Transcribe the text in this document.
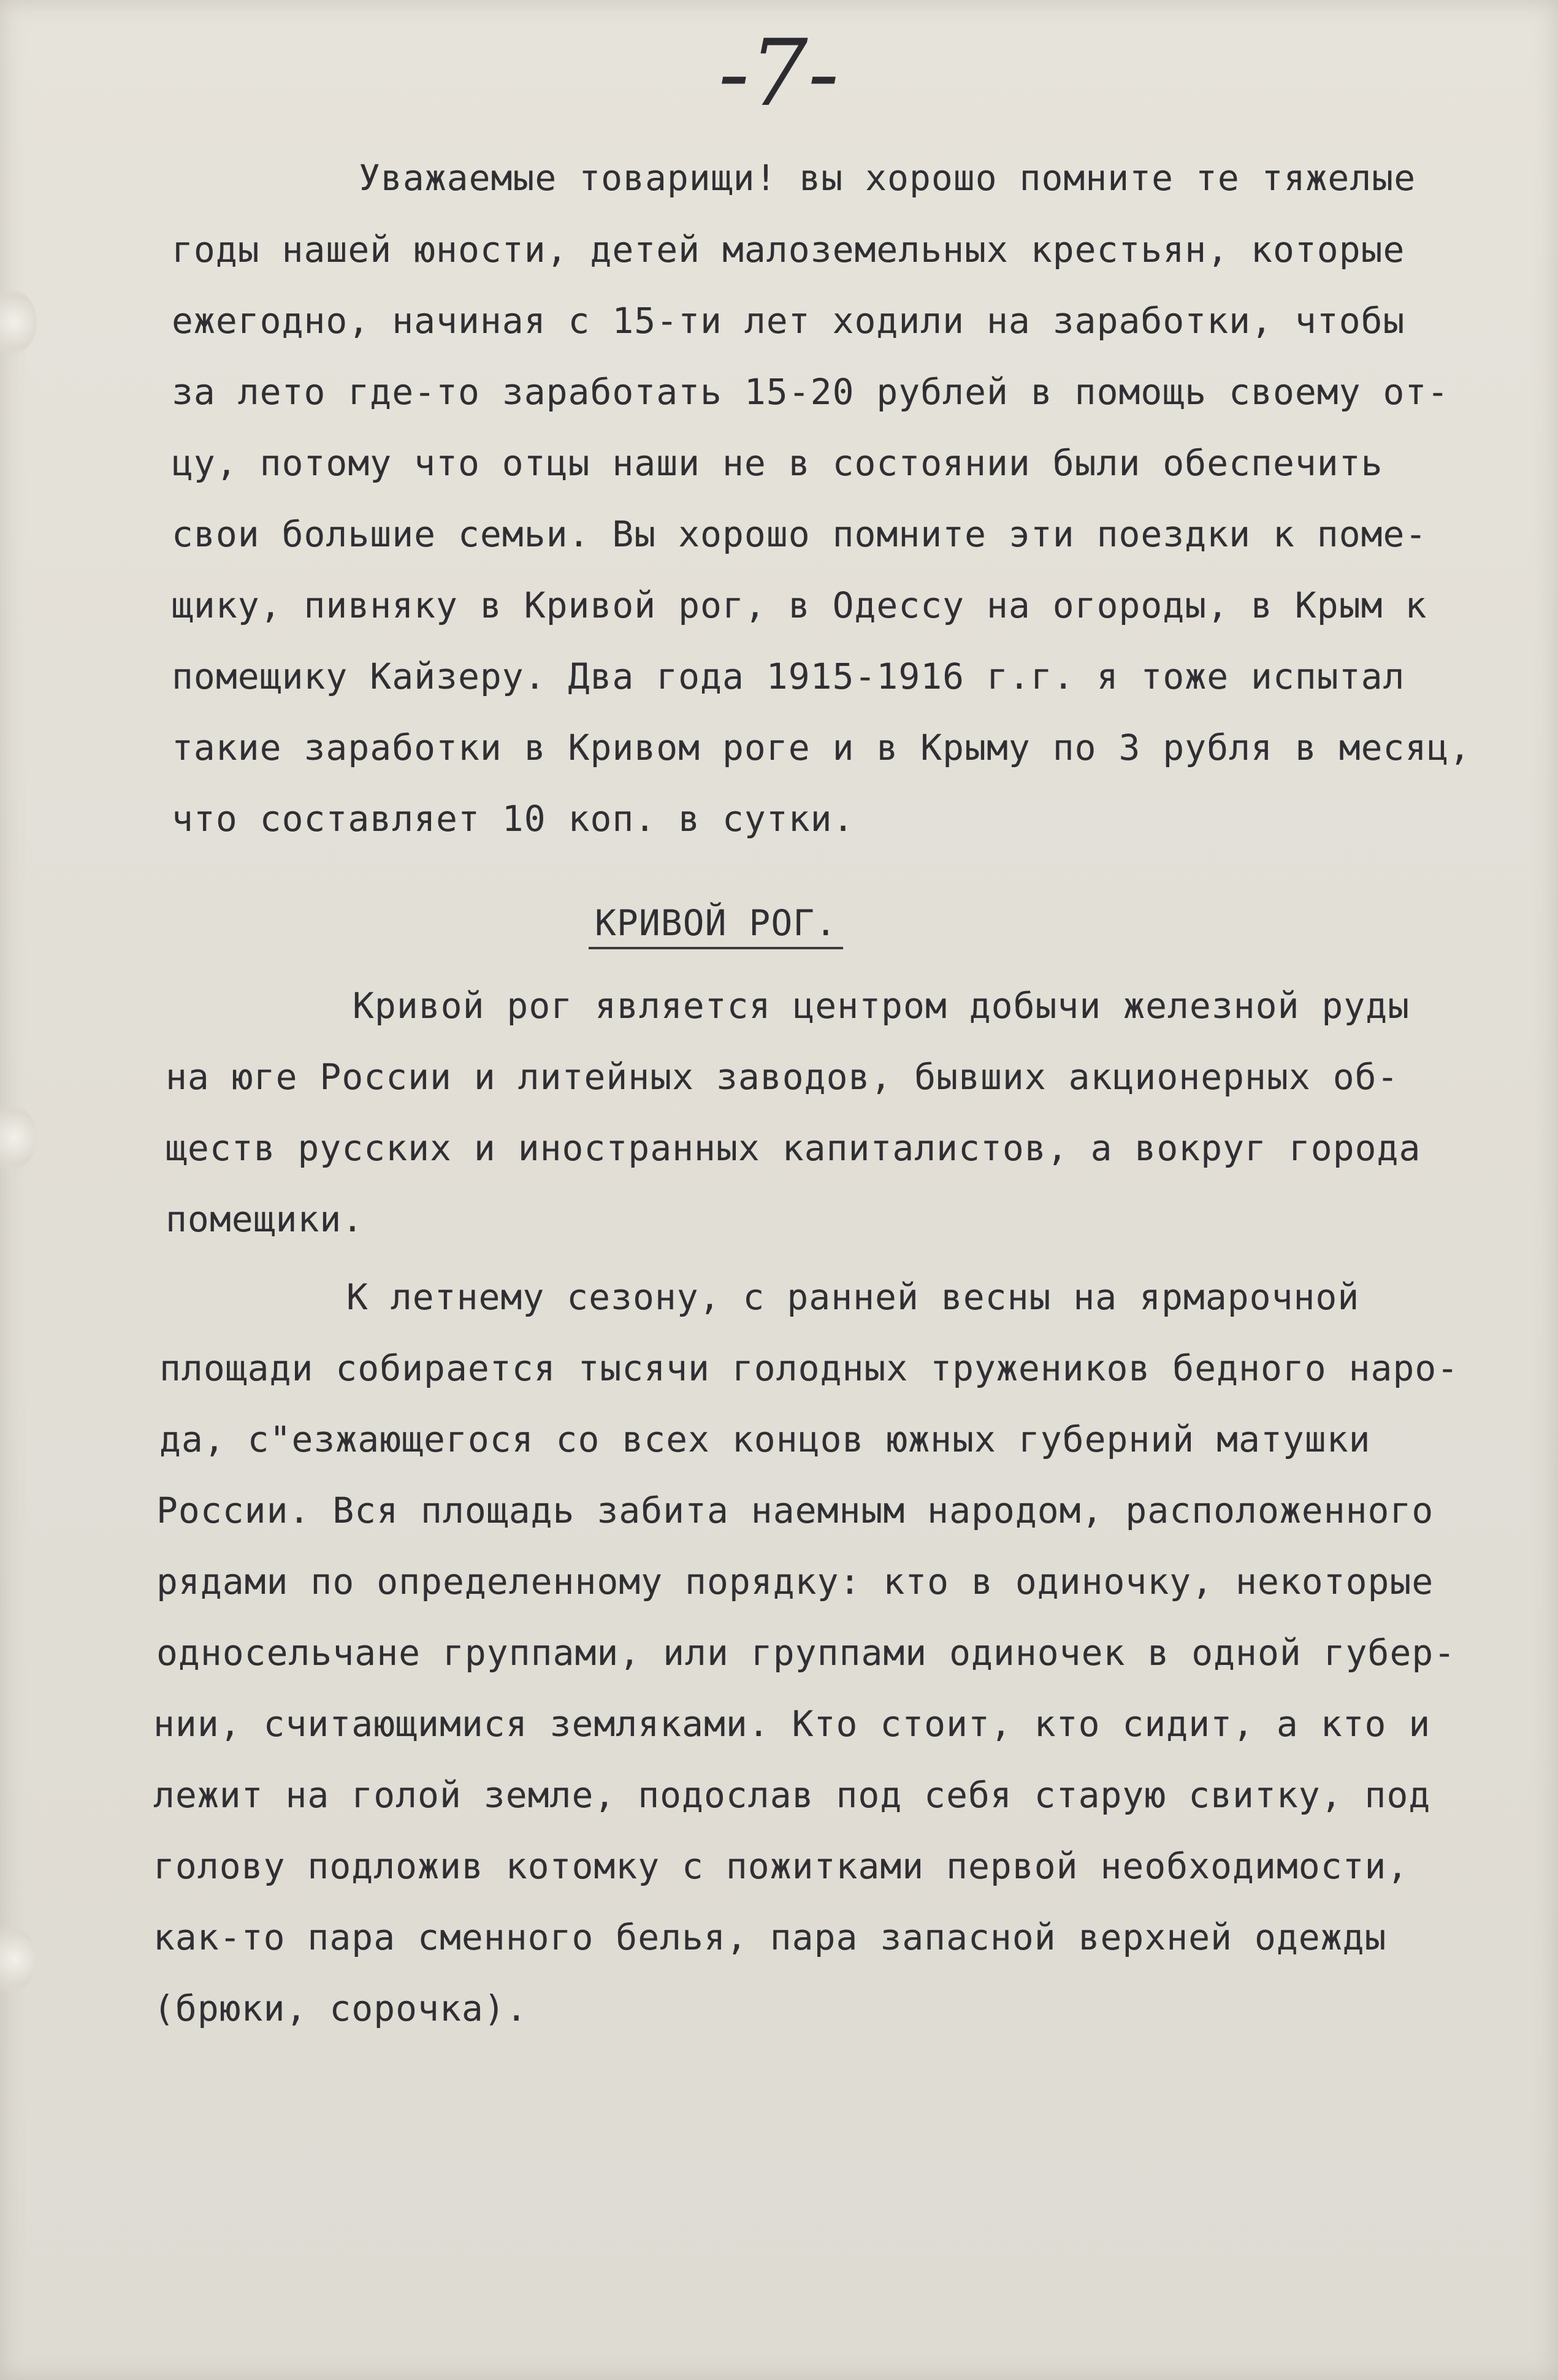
-7-
Уважаемые товарищи! вы хорошо помните те тяжелые
годы нашей юности, детей малоземельных крестьян, которые
ежегодно, начиная с 15-ти лет ходили на заработки, чтобы
за лето где-то заработать 15-20 рублей в помощь своему от-
цу, потому что отцы наши не в состоянии были обеспечить
свои большие семьи. Вы хорошо помните эти поездки к поме-
щику, пивняку в Кривой рог, в Одессу на огороды, в Крым к
помещику Кайзеру. Два года 1915-1916 г.г. я тоже испытал
такие заработки в Кривом роге и в Крыму по 3 рубля в месяц,
что составляет 10 коп. в сутки.
КРИВОЙ РОГ.
Кривой рог является центром добычи железной руды
на юге России и литейных заводов, бывших акционерных об-
ществ русских и иностранных капиталистов, а вокруг города
помещики.
К летнему сезону, с ранней весны на ярмарочной
площади собирается тысячи голодных тружеников бедного наро-
да, с"езжающегося со всех концов южных губерний матушки
России. Вся площадь забита наемным народом, расположенного
рядами по определенному порядку: кто в одиночку, некоторые
односельчане группами, или группами одиночек в одной губер-
нии, считающимися земляками. Кто стоит, кто сидит, а кто и
лежит на голой земле, подослав под себя старую свитку, под
голову подложив котомку с пожитками первой необходимости,
как-то пара сменного белья, пара запасной верхней одежды
(брюки, сорочка).
